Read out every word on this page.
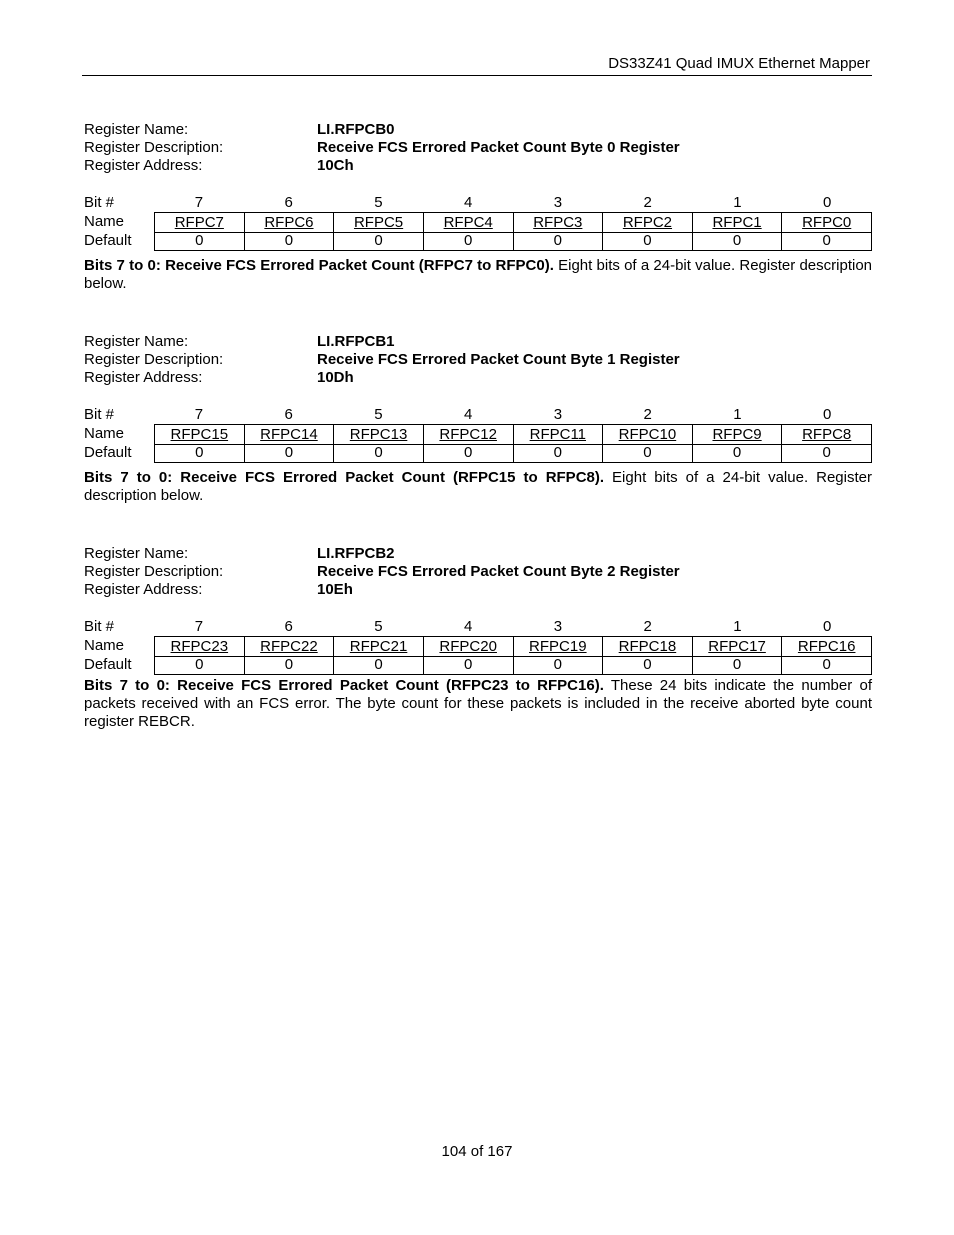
DS33Z41 Quad IMUX Ethernet Mapper
Register Name:	LI.RFPCB0
Register Description:	Receive FCS Errored Packet Count Byte 0 Register
Register Address:	10Ch
Bit #	7	6	5	4	3	2	1	0
Name	RFPC7	RFPC6	RFPC5	RFPC4	RFPC3	RFPC2	RFPC1	RFPC0
Default	0	0	0	0	0	0	0	0
Bits 7 to 0: Receive FCS Errored Packet Count (RFPC7 to RFPC0). Eight bits of a 24-bit value. Register description below.
Register Name:	LI.RFPCB1
Register Description:	Receive FCS Errored Packet Count Byte 1 Register
Register Address:	10Dh
Bit #	7	6	5	4	3	2	1	0
Name	RFPC15	RFPC14	RFPC13	RFPC12	RFPC11	RFPC10	RFPC9	RFPC8
Default	0	0	0	0	0	0	0	0
Bits 7 to 0: Receive FCS Errored Packet Count (RFPC15 to RFPC8). Eight bits of a 24-bit value. Register description below.
Register Name:	LI.RFPCB2
Register Description:	Receive FCS Errored Packet Count Byte 2 Register
Register Address:	10Eh
Bit #	7	6	5	4	3	2	1	0
Name	RFPC23	RFPC22	RFPC21	RFPC20	RFPC19	RFPC18	RFPC17	RFPC16
Default	0	0	0	0	0	0	0	0
Bits 7 to 0: Receive FCS Errored Packet Count (RFPC23 to RFPC16). These 24 bits indicate the number of packets received with an FCS error. The byte count for these packets is included in the receive aborted byte count register REBCR.
104 of 167
